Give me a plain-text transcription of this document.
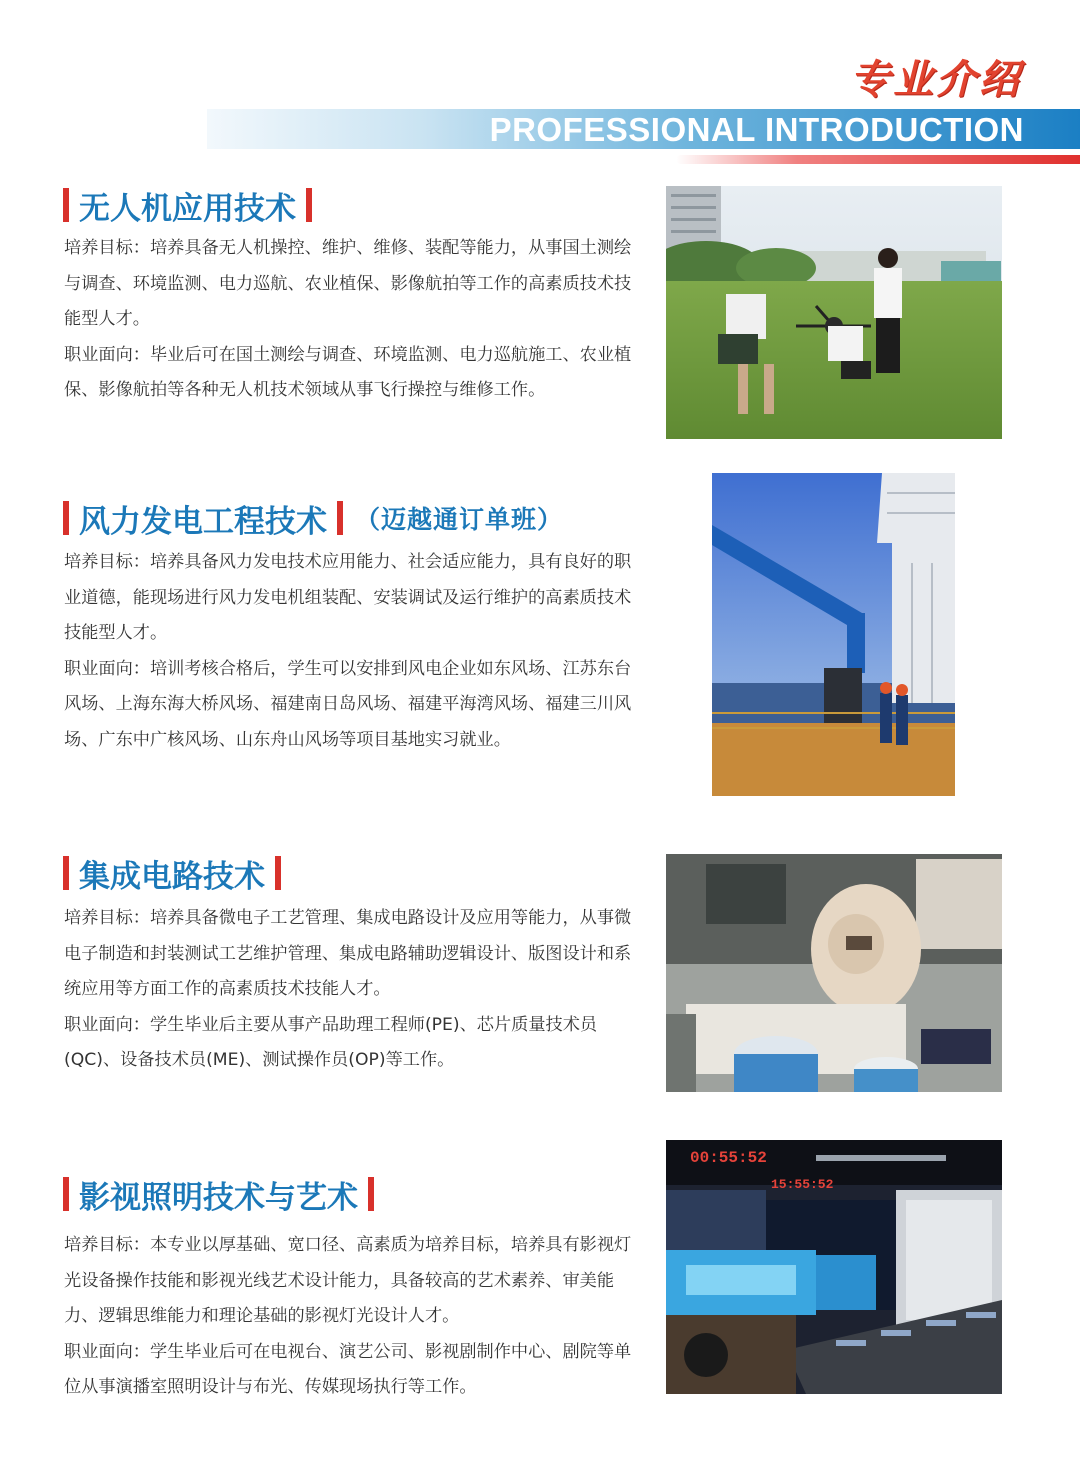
专业介绍
PROFESSIONAL INTRODUCTION
无人机应用技术

培养目标：培养具备无人机操控、维护、维修、装配等能力，从事国土测绘与调查、环境监测、电力巡航、农业植保、影像航拍等工作的高素质技术技能型人才。

职业面向：毕业后可在国土测绘与调查、环境监测、电力巡航施工、农业植保、影像航拍等各种无人机技术领域从事飞行操控与维修工作。

风力发电工程技术 （迈越通订单班）

培养目标：培养具备风力发电技术应用能力、社会适应能力，具有良好的职业道德，能现场进行风力发电机组装配、安装调试及运行维护的高素质技术技能型人才。

职业面向：培训考核合格后，学生可以安排到风电企业如东风场、江苏东台风场、上海东海大桥风场、福建南日岛风场、福建平海湾风场、福建三川风场、广东中广核风场、山东舟山风场等项目基地实习就业。

集成电路技术

培养目标：培养具备微电子工艺管理、集成电路设计及应用等能力，从事微电子制造和封装测试工艺维护管理、集成电路辅助逻辑设计、版图设计和系统应用等方面工作的高素质技术技能人才。

职业面向：学生毕业后主要从事产品助理工程师(PE)、芯片质量技术员(QC)、设备技术员(ME)、测试操作员(OP)等工作。

影视照明技术与艺术

培养目标：本专业以厚基础、宽口径、高素质为培养目标，培养具有影视灯光设备操作技能和影视光线艺术设计能力，具备较高的艺术素养、审美能力、逻辑思维能力和理论基础的影视灯光设计人才。

职业面向：学生毕业后可在电视台、演艺公司、影视剧制作中心、剧院等单位从事演播室照明设计与布光、传媒现场执行等工作。

00:55:52
15:55:52
